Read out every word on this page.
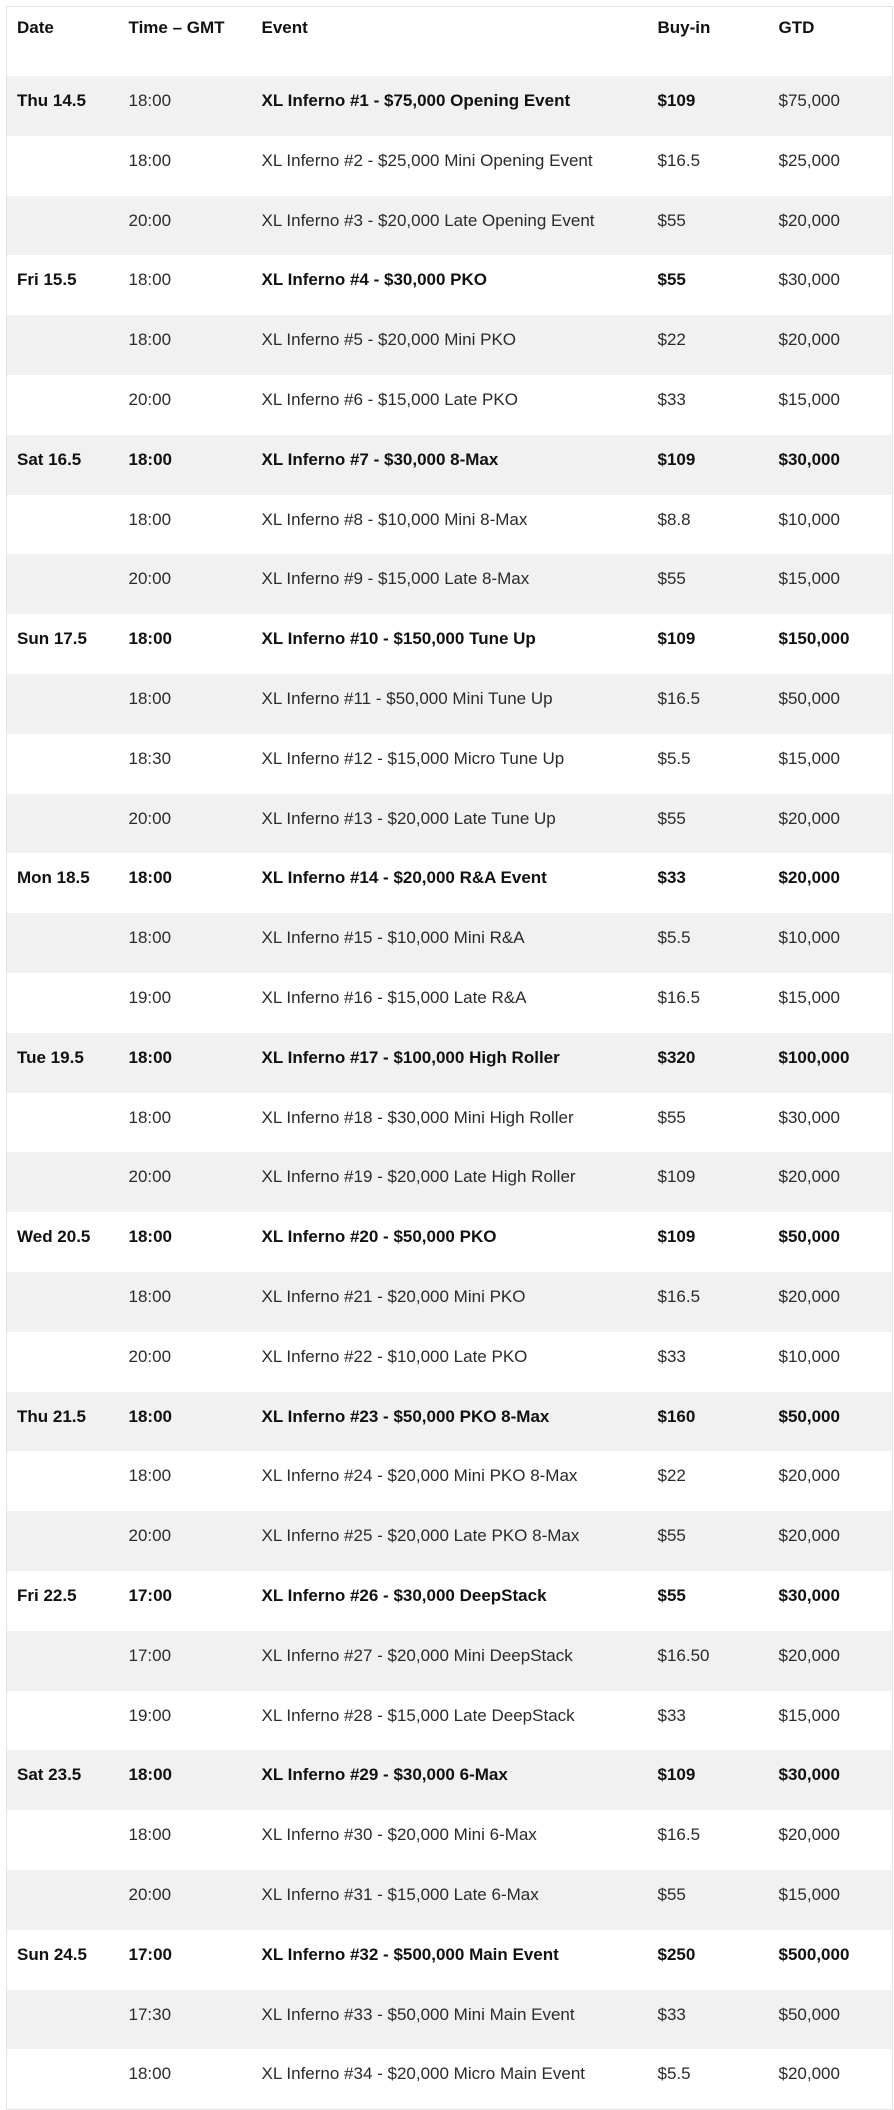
Date	Time – GMT	Event	Buy-in	GTD
Thu 14.5	18:00	XL Inferno #1 - $75,000 Opening Event	$109	$75,000
	18:00	XL Inferno #2 - $25,000 Mini Opening Event	$16.5	$25,000
	20:00	XL Inferno #3 - $20,000 Late Opening Event	$55	$20,000
Fri 15.5	18:00	XL Inferno #4 - $30,000 PKO	$55	$30,000
	18:00	XL Inferno #5 - $20,000 Mini PKO	$22	$20,000
	20:00	XL Inferno #6 - $15,000 Late PKO	$33	$15,000
Sat 16.5	18:00	XL Inferno #7 - $30,000 8-Max	$109	$30,000
	18:00	XL Inferno #8 - $10,000 Mini 8-Max	$8.8	$10,000
	20:00	XL Inferno #9 - $15,000 Late 8-Max	$55	$15,000
Sun 17.5	18:00	XL Inferno #10 - $150,000 Tune Up	$109	$150,000
	18:00	XL Inferno #11 - $50,000 Mini Tune Up	$16.5	$50,000
	18:30	XL Inferno #12 - $15,000 Micro Tune Up	$5.5	$15,000
	20:00	XL Inferno #13 - $20,000 Late Tune Up	$55	$20,000
Mon 18.5	18:00	XL Inferno #14 - $20,000 R&A Event	$33	$20,000
	18:00	XL Inferno #15 - $10,000 Mini R&A	$5.5	$10,000
	19:00	XL Inferno #16 - $15,000 Late R&A	$16.5	$15,000
Tue 19.5	18:00	XL Inferno #17 - $100,000 High Roller	$320	$100,000
	18:00	XL Inferno #18 - $30,000 Mini High Roller	$55	$30,000
	20:00	XL Inferno #19 - $20,000 Late High Roller	$109	$20,000
Wed 20.5	18:00	XL Inferno #20 - $50,000 PKO	$109	$50,000
	18:00	XL Inferno #21 - $20,000 Mini PKO	$16.5	$20,000
	20:00	XL Inferno #22 - $10,000 Late PKO	$33	$10,000
Thu 21.5	18:00	XL Inferno #23 - $50,000 PKO 8-Max	$160	$50,000
	18:00	XL Inferno #24 - $20,000 Mini PKO 8-Max	$22	$20,000
	20:00	XL Inferno #25 - $20,000 Late PKO 8-Max	$55	$20,000
Fri 22.5	17:00	XL Inferno #26 - $30,000 DeepStack	$55	$30,000
	17:00	XL Inferno #27 - $20,000 Mini DeepStack	$16.50	$20,000
	19:00	XL Inferno #28 - $15,000 Late DeepStack	$33	$15,000
Sat 23.5	18:00	XL Inferno #29 - $30,000 6-Max	$109	$30,000
	18:00	XL Inferno #30 - $20,000 Mini 6-Max	$16.5	$20,000
	20:00	XL Inferno #31 - $15,000 Late 6-Max	$55	$15,000
Sun 24.5	17:00	XL Inferno #32 - $500,000 Main Event	$250	$500,000
	17:30	XL Inferno #33 - $50,000 Mini Main Event	$33	$50,000
	18:00	XL Inferno #34 - $20,000 Micro Main Event	$5.5	$20,000
